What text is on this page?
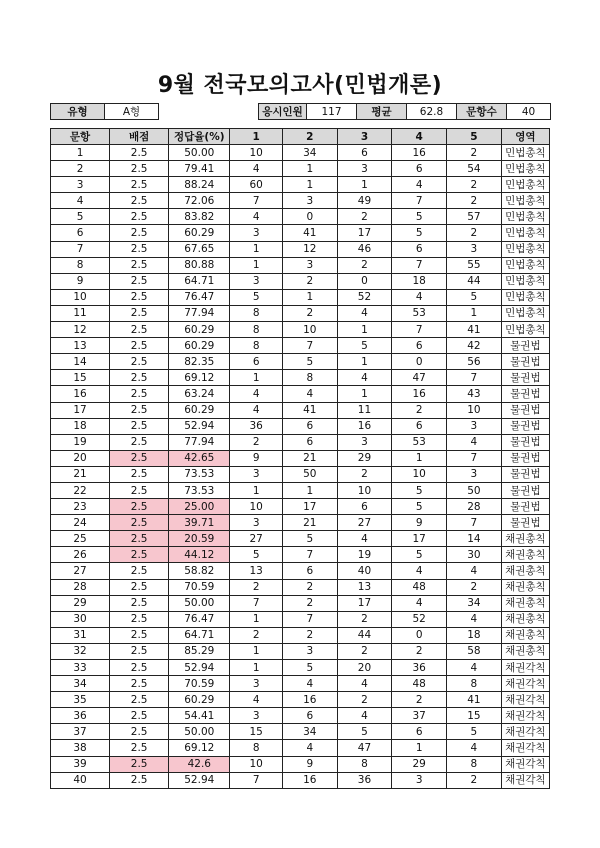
9월 전국모의고사(민법개론)
유형	A형		응시인원	117	평균	62.8	문항수	40
문항	배점	정답율(%)	1	2	3	4	5	영역
1	2.5	50.00	10	34	6	16	2	민법총칙
2	2.5	79.41	4	1	3	6	54	민법총칙
3	2.5	88.24	60	1	1	4	2	민법총칙
4	2.5	72.06	7	3	49	7	2	민법총칙
5	2.5	83.82	4	0	2	5	57	민법총칙
6	2.5	60.29	3	41	17	5	2	민법총칙
7	2.5	67.65	1	12	46	6	3	민법총칙
8	2.5	80.88	1	3	2	7	55	민법총칙
9	2.5	64.71	3	2	0	18	44	민법총칙
10	2.5	76.47	5	1	52	4	5	민법총칙
11	2.5	77.94	8	2	4	53	1	민법총칙
12	2.5	60.29	8	10	1	7	41	민법총칙
13	2.5	60.29	8	7	5	6	42	물권법
14	2.5	82.35	6	5	1	0	56	물권법
15	2.5	69.12	1	8	4	47	7	물권법
16	2.5	63.24	4	4	1	16	43	물권법
17	2.5	60.29	4	41	11	2	10	물권법
18	2.5	52.94	36	6	16	6	3	물권법
19	2.5	77.94	2	6	3	53	4	물권법
20	2.5	42.65	9	21	29	1	7	물권법
21	2.5	73.53	3	50	2	10	3	물권법
22	2.5	73.53	1	1	10	5	50	물권법
23	2.5	25.00	10	17	6	5	28	물권법
24	2.5	39.71	3	21	27	9	7	물권법
25	2.5	20.59	27	5	4	17	14	채권총칙
26	2.5	44.12	5	7	19	5	30	채권총칙
27	2.5	58.82	13	6	40	4	4	채권총칙
28	2.5	70.59	2	2	13	48	2	채권총칙
29	2.5	50.00	7	2	17	4	34	채권총칙
30	2.5	76.47	1	7	2	52	4	채권총칙
31	2.5	64.71	2	2	44	0	18	채권총칙
32	2.5	85.29	1	3	2	2	58	채권총칙
33	2.5	52.94	1	5	20	36	4	채권각칙
34	2.5	70.59	3	4	4	48	8	채권각칙
35	2.5	60.29	4	16	2	2	41	채권각칙
36	2.5	54.41	3	6	4	37	15	채권각칙
37	2.5	50.00	15	34	5	6	5	채권각칙
38	2.5	69.12	8	4	47	1	4	채권각칙
39	2.5	42.6	10	9	8	29	8	채권각칙
40	2.5	52.94	7	16	36	3	2	채권각칙
